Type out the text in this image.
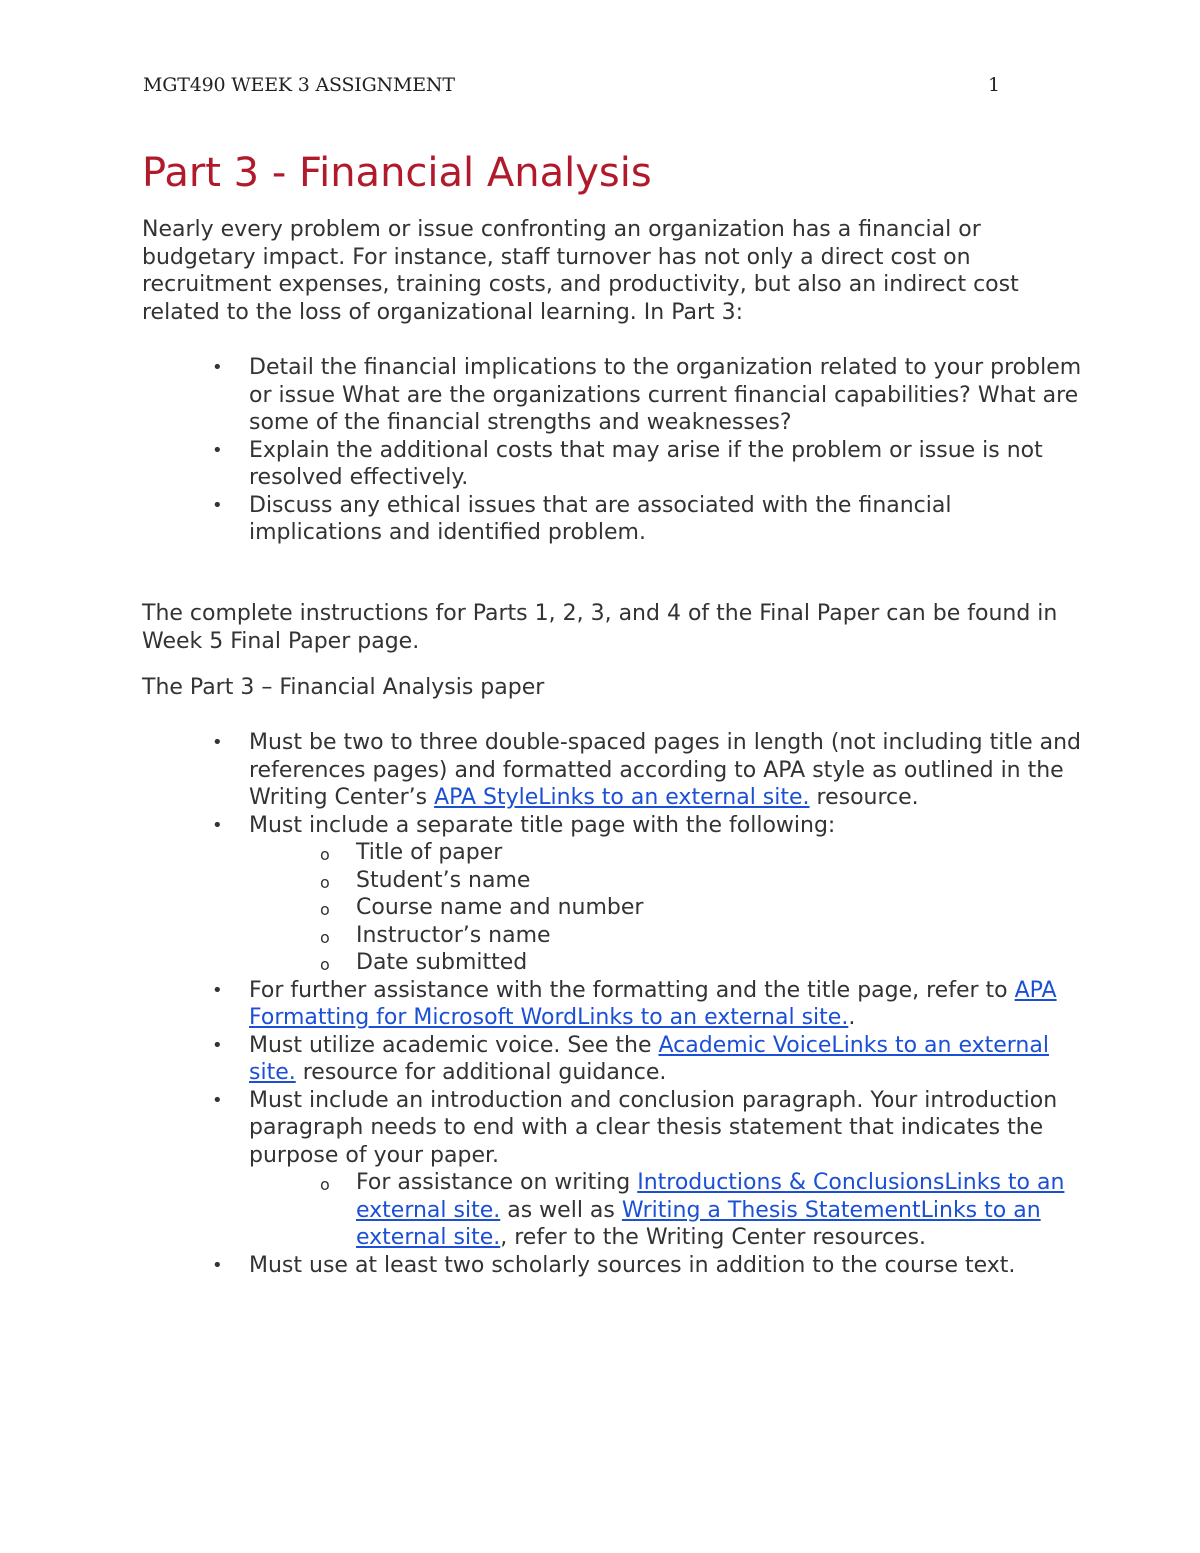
MGT490 WEEK 3 ASSIGNMENT	1
Part 3 - Financial Analysis

Nearly every problem or issue confronting an organization has a financial or budgetary impact. For instance, staff turnover has not only a direct cost on recruitment expenses, training costs, and productivity, but also an indirect cost related to the loss of organizational learning. In Part 3:

•	Detail the financial implications to the organization related to your problem or issue What are the organizations current financial capabilities? What are some of the financial strengths and weaknesses?
•	Explain the additional costs that may arise if the problem or issue is not resolved effectively.
•	Discuss any ethical issues that are associated with the financial implications and identified problem.

The complete instructions for Parts 1, 2, 3, and 4 of the Final Paper can be found in Week 5 Final Paper page.

The Part 3 – Financial Analysis paper

•	Must be two to three double-spaced pages in length (not including title and references pages) and formatted according to APA style as outlined in the Writing Center’s APA StyleLinks to an external site. resource.
•	Must include a separate title page with the following:
o Title of paper
o Student’s name
o Course name and number
o Instructor’s name
o Date submitted
•	For further assistance with the formatting and the title page, refer to APA Formatting for Microsoft WordLinks to an external site..
•	Must utilize academic voice. See the Academic VoiceLinks to an external site. resource for additional guidance.
•	Must include an introduction and conclusion paragraph. Your introduction paragraph needs to end with a clear thesis statement that indicates the purpose of your paper.
o For assistance on writing Introductions & ConclusionsLinks to an external site. as well as Writing a Thesis StatementLinks to an external site., refer to the Writing Center resources.
•	Must use at least two scholarly sources in addition to the course text.
